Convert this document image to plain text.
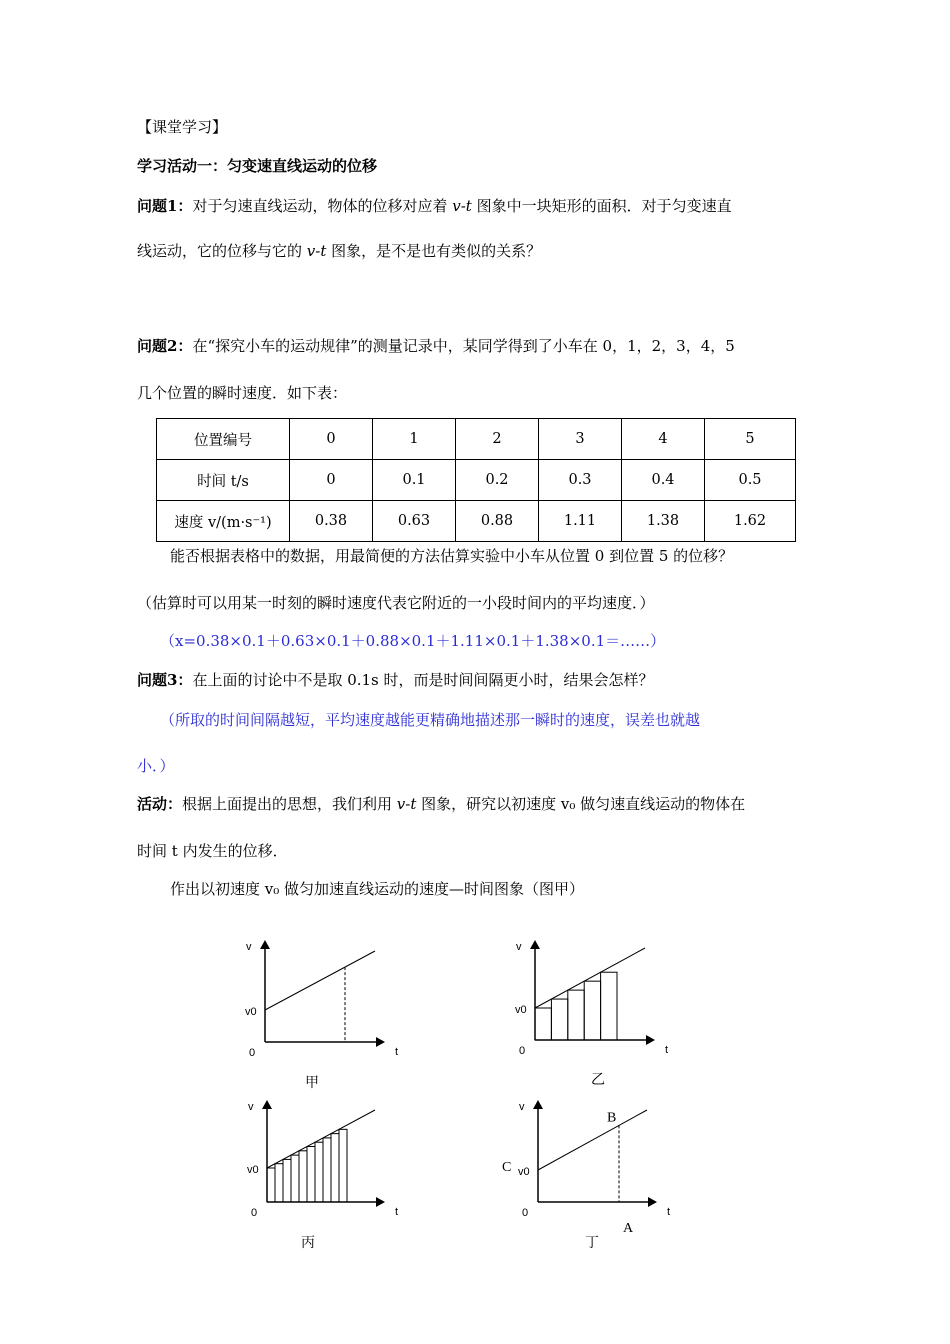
【课堂学习】
学习活动一：匀变速直线运动的位移
问题1：对于匀速直线运动，物体的位移对应着 v-t 图象中一块矩形的面积．对于匀变速直
线运动，它的位移与它的 v-t 图象，是不是也有类似的关系？
问题2：在“探究小车的运动规律”的测量记录中，某同学得到了小车在 0，1，2，3，4，5
几个位置的瞬时速度．如下表：
位置编号	0	1	2	3	4	5
时间 t/s	0	0.1	0.2	0.3	0.4	0.5
速度 v/(m·s⁻¹)	0.38	0.63	0.88	1.11	1.38	1.62
能否根据表格中的数据，用最简便的方法估算实验中小车从位置 0 到位置 5 的位移？
（估算时可以用某一时刻的瞬时速度代表它附近的一小段时间内的平均速度．）
（x=0.38×0.1＋0.63×0.1＋0.88×0.1＋1.11×0.1＋1.38×0.1＝……）
问题3：在上面的讨论中不是取 0.1s 时，而是时间间隔更小时，结果会怎样？
（所取的时间间隔越短，平均速度越能更精确地描述那一瞬时的速度，误差也就越
小．）
活动：根据上面提出的思想，我们利用 v-t 图象，研究以初速度 v₀ 做匀速直线运动的物体在
时间 t 内发生的位移．
作出以初速度 v₀ 做匀加速直线运动的速度—时间图象（图甲）
v
v0
0	t
甲
v
v0
0	t
乙
v
v0
0	t
丙
v
v0
0	t
丁
B
C
A
